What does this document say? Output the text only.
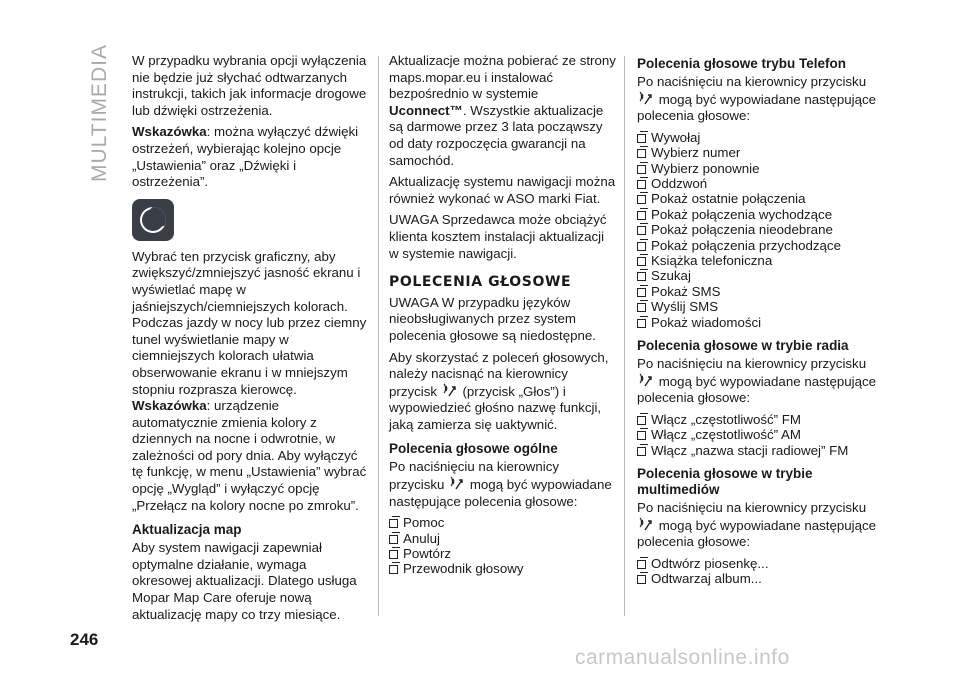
MULTIMEDIA W przypadku wybrania opcji wyłączenia nie będzie już słychać odtwarzanych instrukcji, takich jak informacje drogowe lub dźwięki ostrzeżenia.

Wskazówka: można wyłączyć dźwięki ostrzeżeń, wybierając kolejno opcje „Ustawienia” oraz „Dźwięki i ostrzeżenia”.

Wybrać ten przycisk graficzny, aby zwiększyć/zmniejszyć jasność ekranu i wyświetlać mapę w jaśniejszych/ciemniejszych kolorach. Podczas jazdy w nocy lub przez ciemny tunel wyświetlanie mapy w ciemniejszych kolorach ułatwia obserwowanie ekranu i w mniejszym stopniu rozprasza kierowcę. Wskazówka: urządzenie automatycznie zmienia kolory z dziennych na nocne i odwrotnie, w zależności od pory dnia. Aby wyłączyć tę funkcję, w menu „Ustawienia” wybrać opcję „Wygląd” i wyłączyć opcję „Przełącz na kolory nocne po zmroku”.

Aktualizacja map

Aby system nawigacji zapewniał optymalne działanie, wymaga okresowej aktualizacji. Dlatego usługa Mopar Map Care oferuje nową aktualizację mapy co trzy miesiące.

Aktualizacje można pobierać ze strony maps.mopar.eu i instalować bezpośrednio w systemie Uconnect™. Wszystkie aktualizacje są darmowe przez 3 lata począwszy od daty rozpoczęcia gwarancji na samochód.

Aktualizację systemu nawigacji można również wykonać w ASO marki Fiat.

UWAGA Sprzedawca może obciążyć klienta kosztem instalacji aktualizacji w systemie nawigacji.

POLECENIA GŁOSOWE

UWAGA W przypadku języków nieobsługiwanych przez system polecenia głosowe są niedostępne.

Aby skorzystać z poleceń głosowych, należy nacisnąć na kierownicy przycisk (przycisk „Głos”) i wypowiedzieć głośno nazwę funkcji, jaką zamierza się uaktywnić.

Polecenia głosowe ogólne

Po naciśnięciu na kierownicy przycisku mogą być wypowiadane następujące polecenia głosowe:

Pomoc
Anuluj
Powtórz
Przewodnik głosowy
Polecenia głosowe trybu Telefon

Po naciśnięciu na kierownicy przycisku  mogą być wypowiadane następujące polecenia głosowe:

Wywołaj
Wybierz numer
Wybierz ponownie
Oddzwoń
Pokaż ostatnie połączenia
Pokaż połączenia wychodzące
Pokaż połączenia nieodebrane
Pokaż połączenia przychodzące
Książka telefoniczna
Szukaj
Pokaż SMS
Wyślij SMS
Pokaż wiadomości
Polecenia głosowe w trybie radia

Po naciśnięciu na kierownicy przycisku  mogą być wypowiadane następujące polecenia głosowe:

Włącz „częstotliwość” FM
Włącz „częstotliwość” AM
Włącz „nazwa stacji radiowej” FM
Polecenia głosowe w trybie multimediów

Po naciśnięciu na kierownicy przycisku  mogą być wypowiadane następujące polecenia głosowe:

Odtwórz piosenkę...
Odtwarzaj album...
246
carmanualsonline.info
